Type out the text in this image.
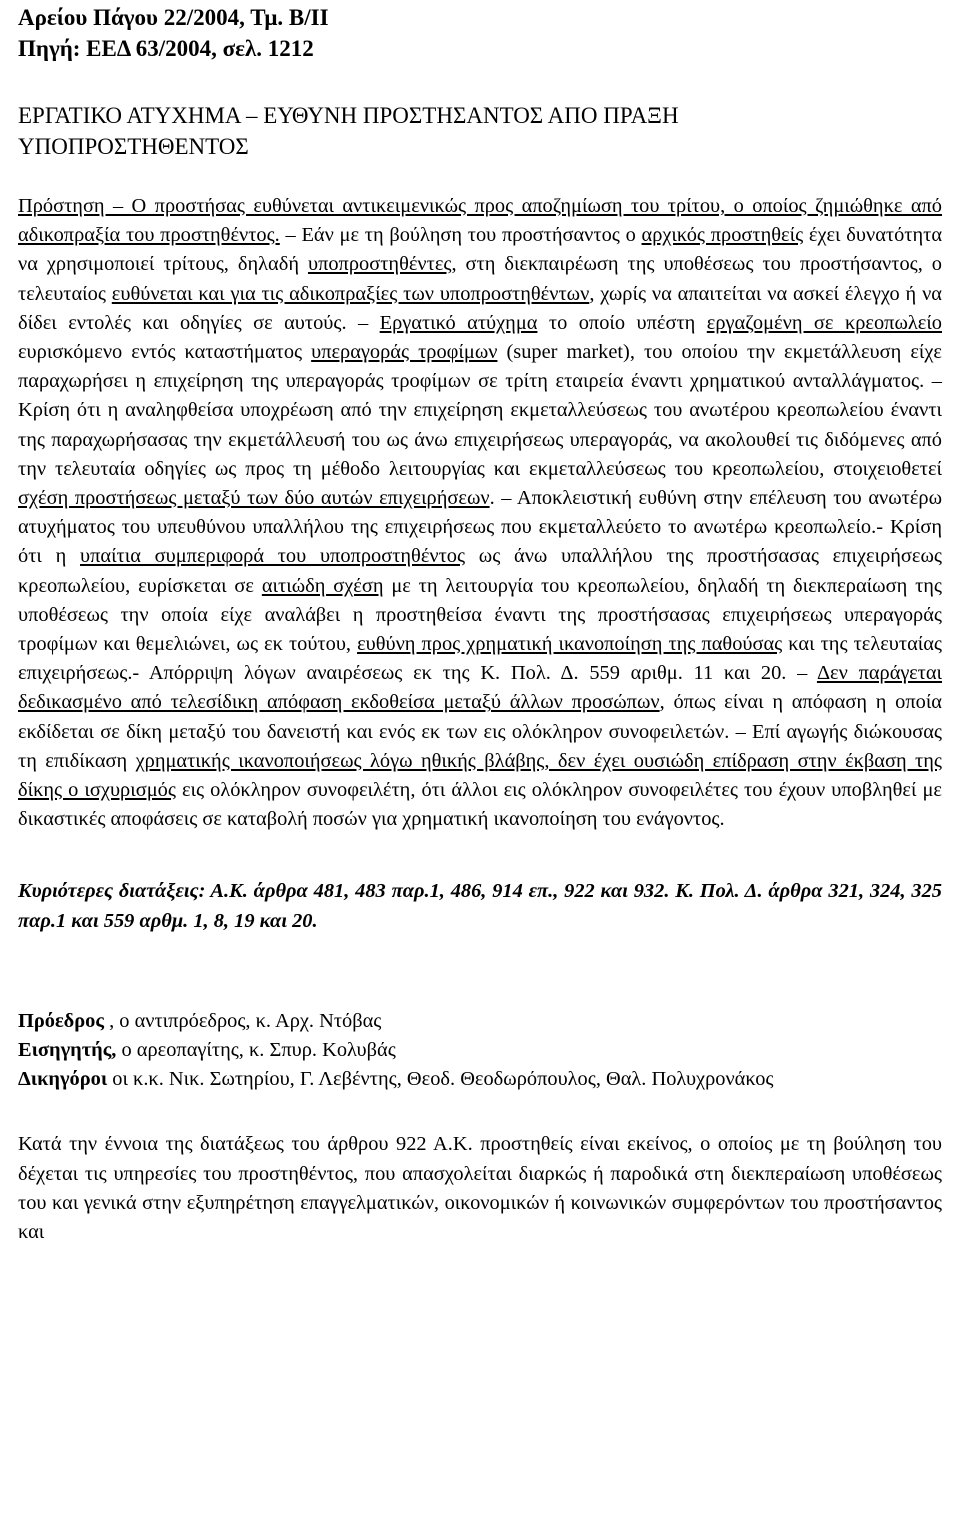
Αρείου Πάγου 22/2004, Τμ. Β/ΙΙ
Πηγή: ΕΕΔ 63/2004, σελ. 1212
ΕΡΓΑΤΙΚΟ ΑΤΥΧΗΜΑ – ΕΥΘΥΝΗ ΠΡΟΣΤΗΣΑΝΤΟΣ ΑΠΟ ΠΡΑΞΗ
ΥΠΟΠΡΟΣΤΗΘΕΝΤΟΣ
Πρόστηση – Ο προστήσας ευθύνεται αντικειμενικώς προς αποζημίωση του τρίτου, ο οποίος ζημιώθηκε από αδικοπραξία του προστηθέντος. – Εάν με τη βούληση του προστήσαντος ο αρχικός προστηθείς έχει δυνατότητα να χρησιμοποιεί τρίτους, δηλαδή υποπροστηθέντες, στη διεκπαιρέωση της υποθέσεως του προστήσαντος, ο τελευταίος ευθύνεται και για τις αδικοπραξίες των υποπροστηθέντων, χωρίς να απαιτείται να ασκεί έλεγχο ή να δίδει εντολές και οδηγίες σε αυτούς. – Εργατικό ατύχημα το οποίο υπέστη εργαζομένη σε κρεοπωλείο ευρισκόμενο εντός καταστήματος υπεραγοράς τροφίμων (super market), του οποίου την εκμετάλλευση είχε παραχωρήσει η επιχείρηση της υπεραγοράς τροφίμων σε τρίτη εταιρεία έναντι χρηματικού ανταλλάγματος. – Κρίση ότι η αναληφθείσα υποχρέωση από την επιχείρηση εκμεταλλεύσεως του ανωτέρου κρεοπωλείου έναντι της παραχωρήσασας την εκμετάλλευσή του ως άνω επιχειρήσεως υπεραγοράς, να ακολουθεί τις διδόμενες από την τελευταία οδηγίες ως προς τη μέθοδο λειτουργίας και εκμεταλλεύσεως του κρεοπωλείου, στοιχειοθετεί σχέση προστήσεως μεταξύ των δύο αυτών επιχειρήσεων. – Αποκλειστική ευθύνη στην επέλευση του ανωτέρω ατυχήματος του υπευθύνου υπαλλήλου της επιχειρήσεως που εκμεταλλεύετο το ανωτέρω κρεοπωλείο.- Κρίση ότι η υπαίτια συμπεριφορά του υποπροστηθέντος ως άνω υπαλλήλου της προστήσασας επιχειρήσεως κρεοπωλείου, ευρίσκεται σε αιτιώδη σχέση με τη λειτουργία του κρεοπωλείου, δηλαδή τη διεκπεραίωση της υποθέσεως την οποία είχε αναλάβει η προστηθείσα έναντι της προστήσασας επιχειρήσεως υπεραγοράς τροφίμων και θεμελιώνει, ως εκ τούτου, ευθύνη προς χρηματική ικανοποίηση της παθούσας και της τελευταίας επιχειρήσεως.- Απόρριψη λόγων αναιρέσεως εκ της Κ. Πολ. Δ. 559 αριθμ. 11 και 20. – Δεν παράγεται δεδικασμένο από τελεσίδικη απόφαση εκδοθείσα μεταξύ άλλων προσώπων, όπως είναι η απόφαση η οποία εκδίδεται σε δίκη μεταξύ του δανειστή και ενός εκ των εις ολόκληρον συνοφειλετών. – Επί αγωγής διώκουσας τη επιδίκαση χρηματικής ικανοποιήσεως λόγω ηθικής βλάβης, δεν έχει ουσιώδη επίδραση στην έκβαση της δίκης ο ισχυρισμός εις ολόκληρον συνοφειλέτη, ότι άλλοι εις ολόκληρον συνοφειλέτες του έχουν υποβληθεί με δικαστικές αποφάσεις σε καταβολή ποσών για χρηματική ικανοποίηση του ενάγοντος.
Κυριότερες διατάξεις: Α.Κ. άρθρα 481, 483 παρ.1, 486, 914 επ., 922 και 932. Κ. Πολ. Δ. άρθρα 321, 324, 325 παρ.1 και 559 αρθμ. 1, 8, 19 και 20.
Πρόεδρος , ο αντιπρόεδρος, κ. Αρχ. Ντόβας
Εισηγητής, ο αρεοπαγίτης, κ. Σπυρ. Κολυβάς
Δικηγόροι οι κ.κ. Νικ. Σωτηρίου, Γ. Λεβέντης, Θεοδ. Θεοδωρόπουλος, Θαλ. Πολυχρονάκος
Κατά την έννοια της διατάξεως του άρθρου 922 Α.Κ. προστηθείς είναι εκείνος, ο οποίος με τη βούληση του δέχεται τις υπηρεσίες του προστηθέντος, που απασχολείται διαρκώς ή παροδικά στη διεκπεραίωση υποθέσεως του και γενικά στην εξυπηρέτηση επαγγελματικών, οικονομικών ή κοινωνικών συμφερόντων του προστήσαντος και
